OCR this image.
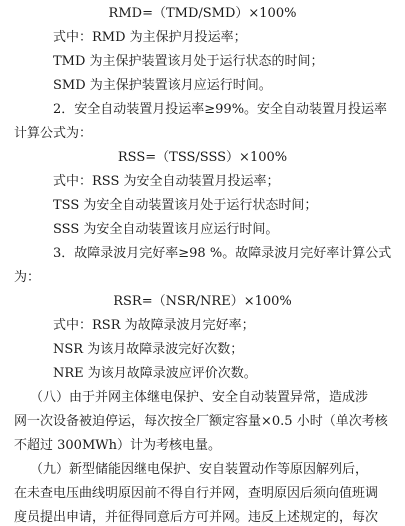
RMD=（TMD/SMD）×100%
式中：RMD 为主保护月投运率；
TMD 为主保护装置该月处于运行状态的时间；
SMD 为主保护装置该月应运行时间。
2．安全自动装置月投运率≥99%。安全自动装置月投运率
计算公式为：
RSS=（TSS/SSS）×100%
式中：RSS 为安全自动装置月投运率；
TSS 为安全自动装置该月处于运行状态时间；
SSS 为安全自动装置该月应运行时间。
3．故障录波月完好率≥98 %。故障录波月完好率计算公式
为：
RSR=（NSR/NRE）×100%
式中：RSR 为故障录波月完好率；
NSR 为该月故障录波完好次数；
NRE 为该月故障录波应评价次数。
（八）由于并网主体继电保护、安全自动装置异常，造成涉
网一次设备被迫停运，每次按全厂额定容量×0.5 小时（单次考核
不超过 300MWh）计为考核电量。
（九）新型储能因继电保护、安自装置动作等原因解列后，
在未查电压曲线明原因前不得自行并网，查明原因后须向值班调
度员提出申请，并征得同意后方可并网。违反上述规定的，每次
